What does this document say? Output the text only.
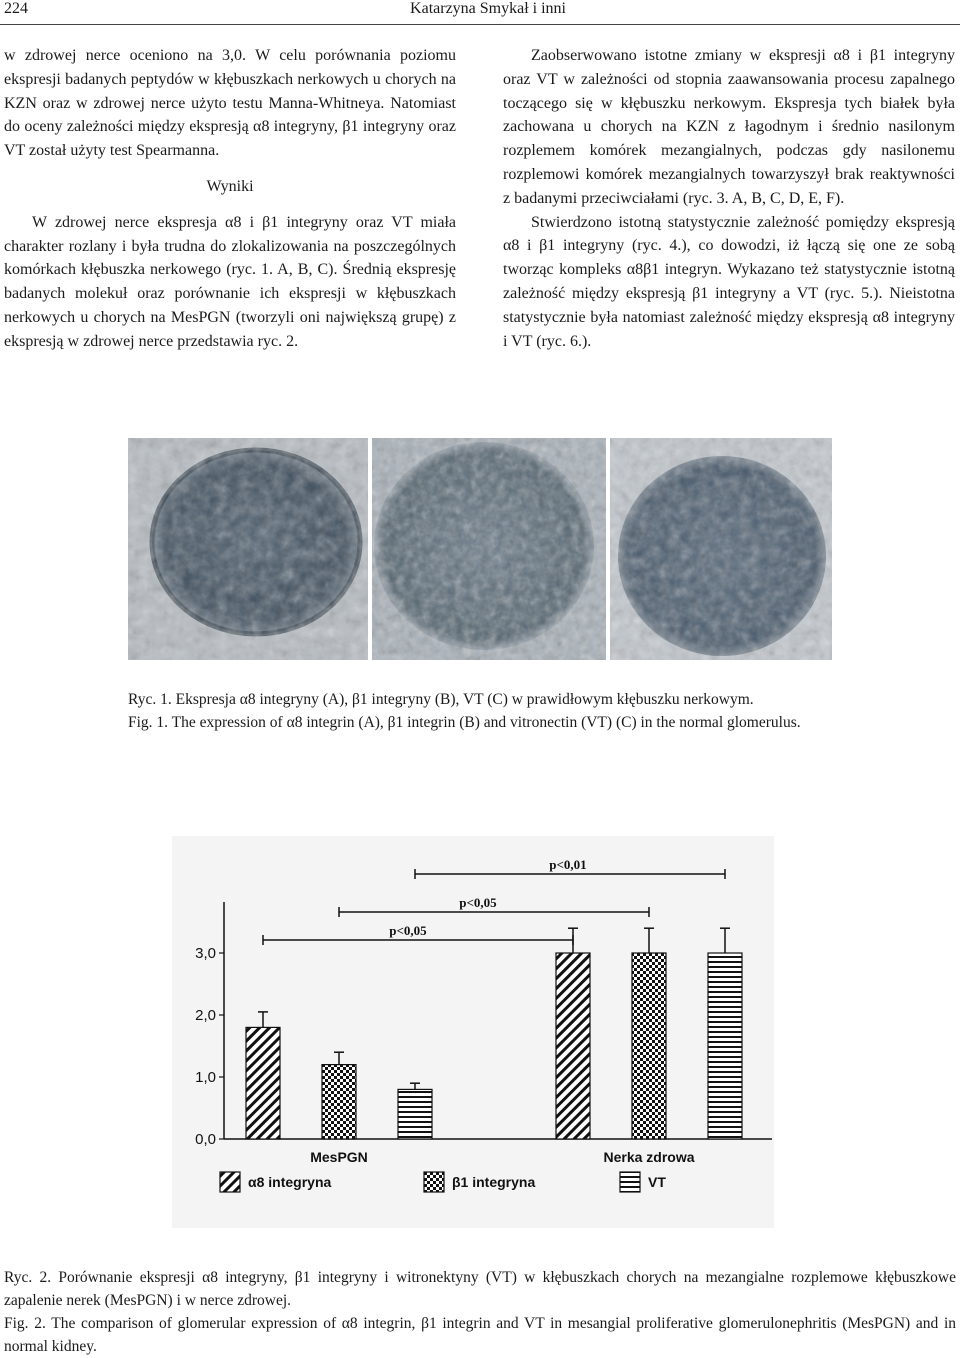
224	Katarzyna Smykał i inni

w zdrowej nerce oceniono na 3,0. W celu porównania poziomu ekspresji badanych peptydów w kłębuszkach nerkowych u chorych na KZN oraz w zdrowej nerce użyto testu Manna-Whitneya. Natomiast do oceny zależności między ekspresją α8 integryny, β1 integryny oraz VT został użyty test Spearmanna.

Wyniki

W zdrowej nerce ekspresja α8 i β1 integryny oraz VT miała charakter rozlany i była trudna do zlokalizowania na poszczególnych komórkach kłębuszka nerkowego (ryc. 1. A, B, C). Średnią ekspresję badanych molekuł oraz porównanie ich ekspresji w kłębuszkach nerkowych u chorych na MesPGN (tworzyli oni największą grupę) z ekspresją w zdrowej nerce przedstawia ryc. 2.

Zaobserwowano istotne zmiany w ekspresji α8 i β1 integryny oraz VT w zależności od stopnia zaawansowania procesu zapalnego toczącego się w kłębuszku nerkowym. Ekspresja tych białek była zachowana u chorych na KZN z łagodnym i średnio nasilonym rozplemem komórek mezangialnych, podczas gdy nasilonemu rozplemowi komórek mezangialnych towarzyszył brak reaktywności z badanymi przeciwciałami (ryc. 3. A, B, C, D, E, F).

Stwierdzono istotną statystycznie zależność pomiędzy ekspresją α8 i β1 integryny (ryc. 4.), co dowodzi, iż łączą się one ze sobą tworząc kompleks α8β1 integryn. Wykazano też statystycznie istotną zależność między ekspresją β1 integryny a VT (ryc. 5.). Nieistotna statystycznie była natomiast zależność między ekspresją α8 integryny i VT (ryc. 6.).

Ryc. 1. Ekspresja α8 integryny (A), β1 integryny (B), VT (C) w prawidłowym kłębuszku nerkowym.
Fig. 1. The expression of α8 integrin (A), β1 integrin (B) and vitronectin (VT) (C) in the normal glomerulus.
0,0
1,0
2,0
3,0
p<0,05
p<0,05
p<0,01
MesPGN	Nerka zdrowa
α8 integryna	β1 integryna	VT

Ryc. 2. Porównanie ekspresji α8 integryny, β1 integryny i witronektyny (VT) w kłębuszkach chorych na mezangialne rozplemowe kłębuszkowe zapalenie nerek (MesPGN) i w nerce zdrowej.

Fig. 2. The comparison of glomerular expression of α8 integrin, β1 integrin and VT in mesangial proliferative glomerulonephritis (MesPGN) and in normal kidney.
